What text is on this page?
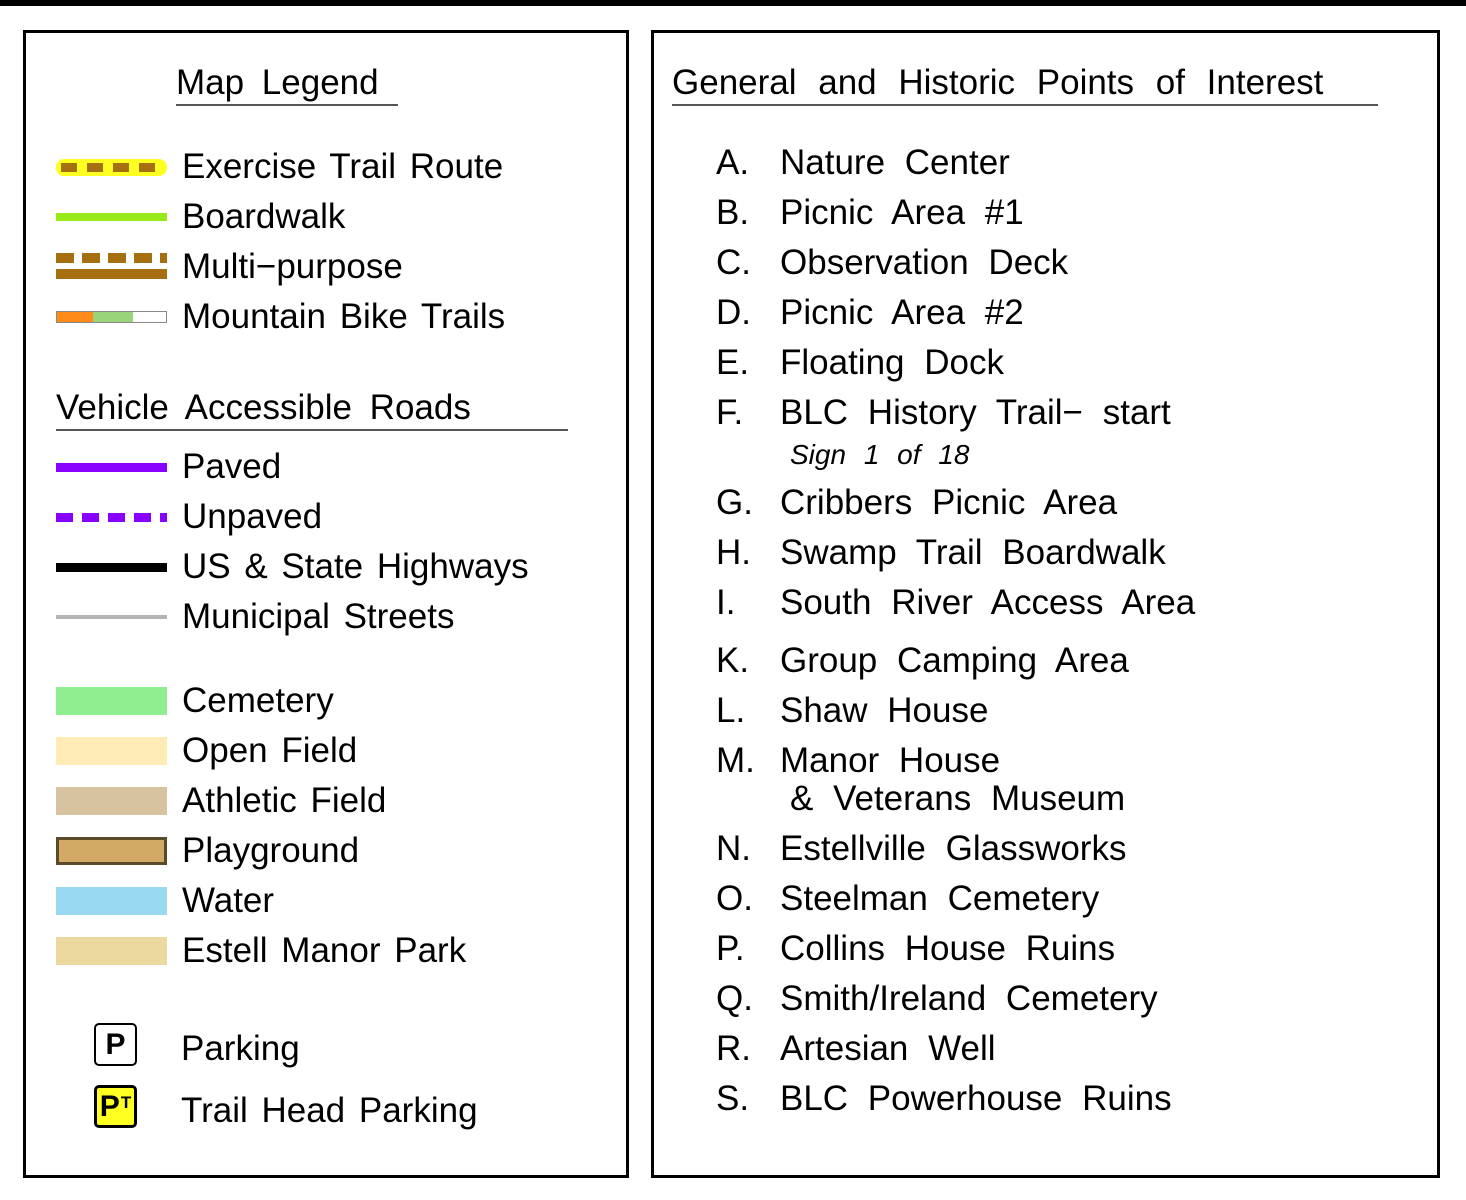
Map Legend
Exercise Trail Route
Boardwalk
Multi−purpose
Mountain Bike Trails
Vehicle Accessible Roads
Paved
Unpaved
US & State Highways
Municipal Streets
Cemetery
Open Field
Athletic Field
Playground
Water
Estell Manor Park
P Parking
$P^T$ Trail Head Parking
General and Historic Points of Interest
A. Nature Center
B. Picnic Area #1
C. Observation Deck
D. Picnic Area #2
E. Floating Dock
F. BLC History Trail− start
Sign 1 of 18
G. Cribbers Picnic Area
H. Swamp Trail Boardwalk
I. South River Access Area
K. Group Camping Area
L. Shaw House
M. Manor House
& Veterans Museum
N. Estellville Glassworks
O. Steelman Cemetery
P. Collins House Ruins
Q. Smith/Ireland Cemetery
R. Artesian Well
S. BLC Powerhouse Ruins
